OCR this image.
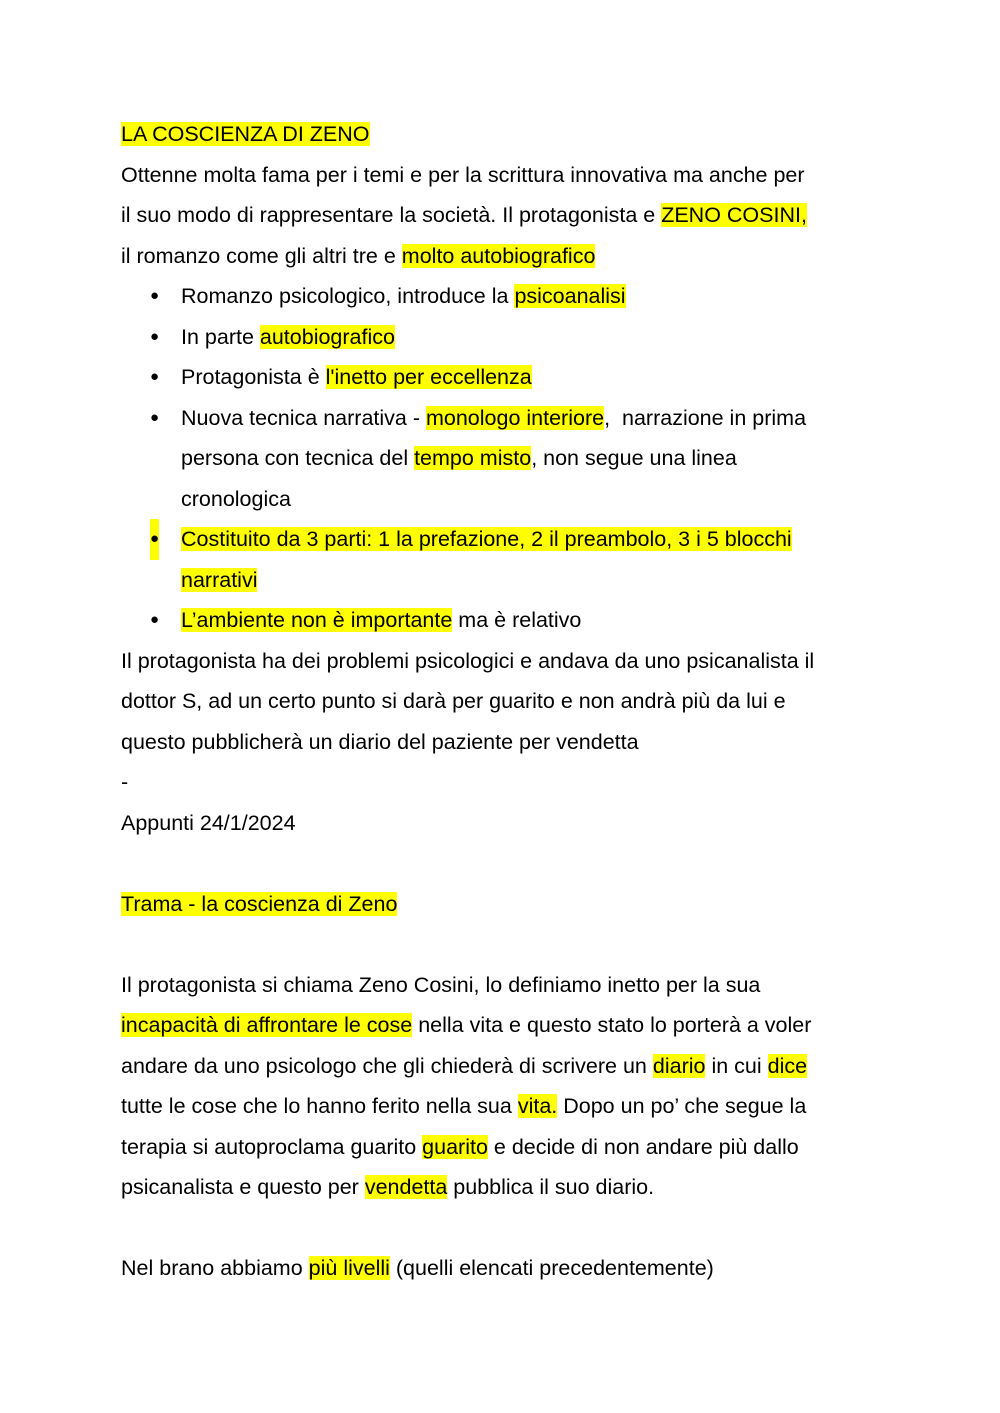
LA COSCIENZA DI ZENO
Ottenne molta fama per i temi e per la scrittura innovativa ma anche per
il suo modo di rappresentare la società. Il protagonista e ZENO COSINI,
il romanzo come gli altri tre e molto autobiografico
● Romanzo psicologico, introduce la psicoanalisi
● In parte autobiografico
● Protagonista è l'inetto per eccellenza
● Nuova tecnica narrativa - monologo interiore,  narrazione in prima
persona con tecnica del tempo misto, non segue una linea
cronologica
● Costituito da 3 parti: 1 la prefazione, 2 il preambolo, 3 i 5 blocchi
narrativi
● L’ambiente non è importante ma è relativo
Il protagonista ha dei problemi psicologici e andava da uno psicanalista il
dottor S, ad un certo punto si darà per guarito e non andrà più da lui e
questo pubblicherà un diario del paziente per vendetta
-
Appunti 24/1/2024
Trama - la coscienza di Zeno
Il protagonista si chiama Zeno Cosini, lo definiamo inetto per la sua
incapacità di affrontare le cose nella vita e questo stato lo porterà a voler
andare da uno psicologo che gli chiederà di scrivere un diario in cui dice
tutte le cose che lo hanno ferito nella sua vita. Dopo un po’ che segue la
terapia si autoproclama guarito guarito e decide di non andare più dallo
psicanalista e questo per vendetta pubblica il suo diario.
Nel brano abbiamo più livelli (quelli elencati precedentemente)
